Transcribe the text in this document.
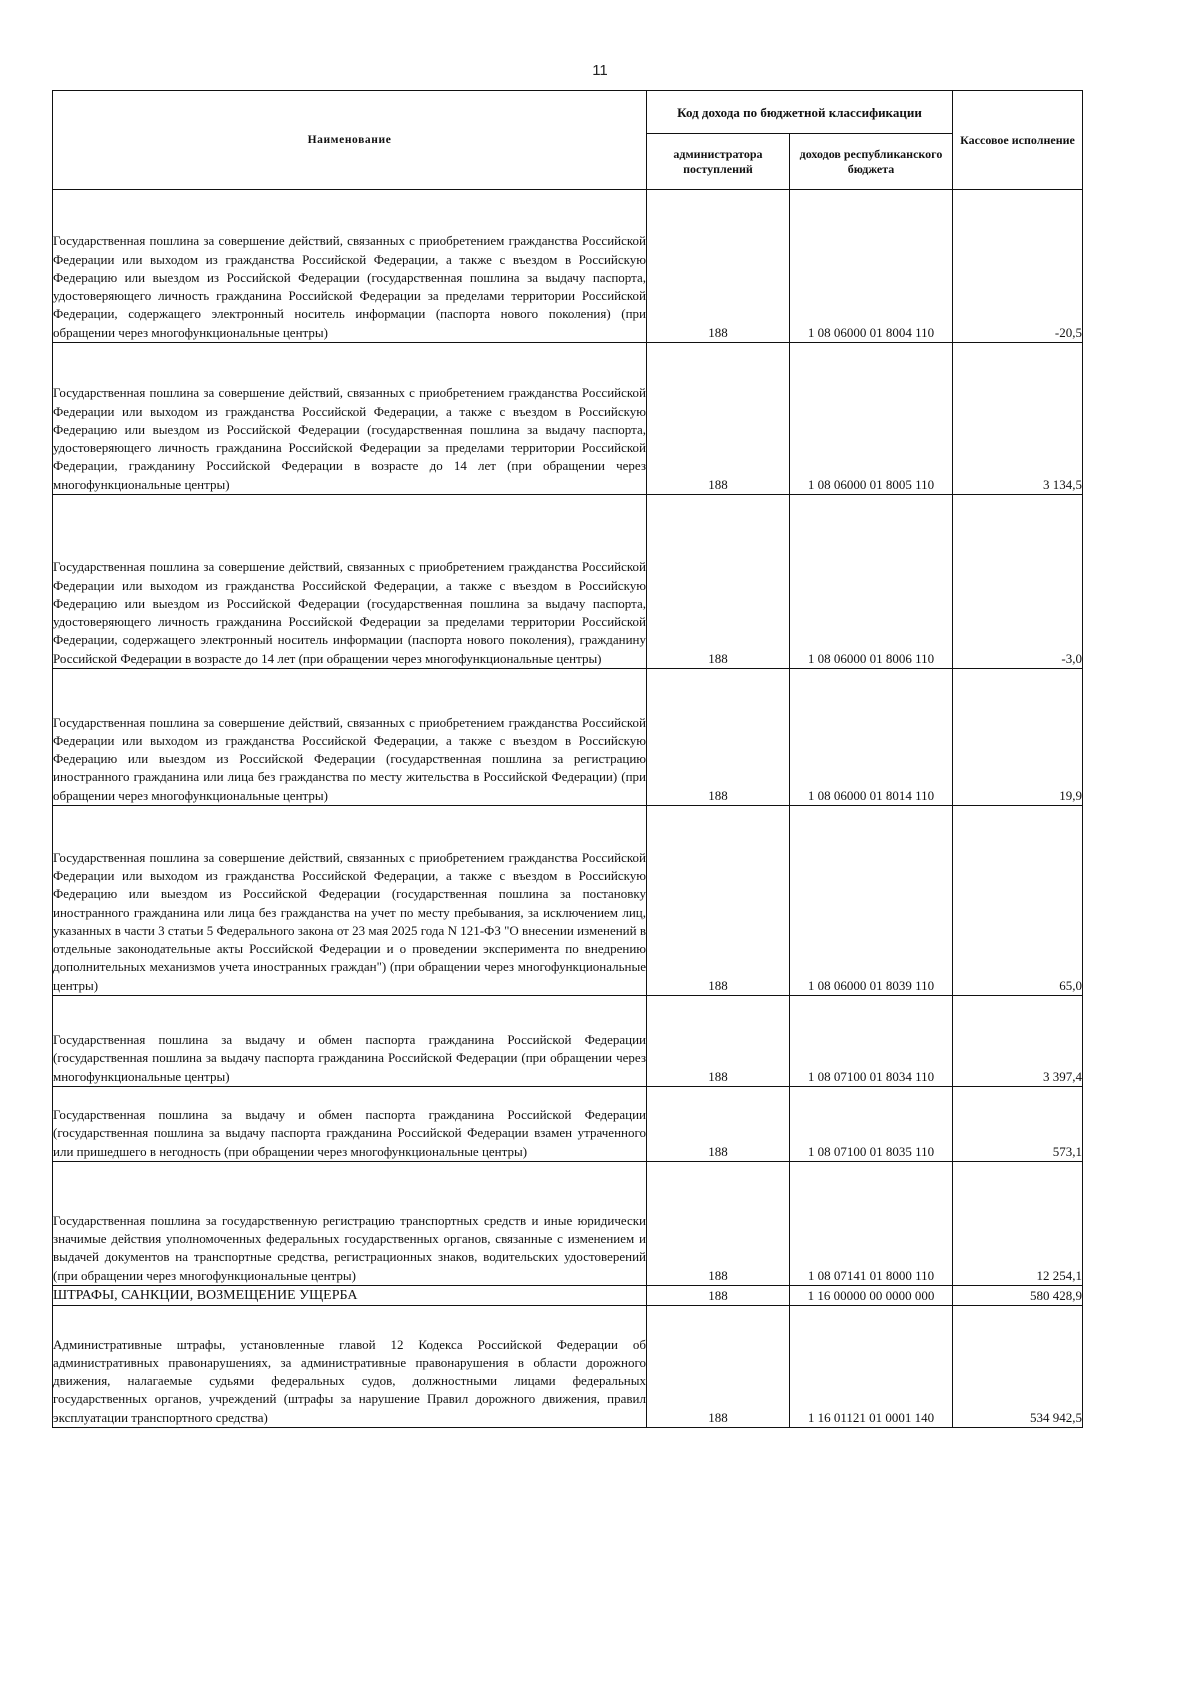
11
Наименование	Код дохода по бюджетной классификации		Кассовое исполнение
	администратора поступлений	доходов республиканского бюджета	
Государственная пошлина за совершение действий, связанных с приобретением гражданства Российской Федерации или выходом из гражданства Российской Федерации, а также с въездом в Российскую Федерацию или выездом из Российской Федерации (государственная пошлина за выдачу паспорта, удостоверяющего личность гражданина Российской Федерации за пределами территории Российской Федерации, содержащего электронный носитель информации (паспорта нового поколения) (при обращении через многофункциональные центры)	188	1 08 06000 01 8004 110	-20,5
Государственная пошлина за совершение действий, связанных с приобретением гражданства Российской Федерации или выходом из гражданства Российской Федерации, а также с въездом в Российскую Федерацию или выездом из Российской Федерации (государственная пошлина за выдачу паспорта, удостоверяющего личность гражданина Российской Федерации за пределами территории Российской Федерации, гражданину Российской Федерации в возрасте до 14 лет (при обращении через многофункциональные центры)	188	1 08 06000 01 8005 110	3 134,5
Государственная пошлина за совершение действий, связанных с приобретением гражданства Российской Федерации или выходом из гражданства Российской Федерации, а также с въездом в Российскую Федерацию или выездом из Российской Федерации (государственная пошлина за выдачу паспорта, удостоверяющего личность гражданина Российской Федерации за пределами территории Российской Федерации, содержащего электронный носитель информации (паспорта нового поколения), гражданину Российской Федерации в возрасте до 14 лет (при обращении через многофункциональные центры)	188	1 08 06000 01 8006 110	-3,0
Государственная пошлина за совершение действий, связанных с приобретением гражданства Российской Федерации или выходом из гражданства Российской Федерации, а также с въездом в Российскую Федерацию или выездом из Российской Федерации (государственная пошлина за регистрацию иностранного гражданина или лица без гражданства по месту жительства в Российской Федерации) (при обращении через многофункциональные центры)	188	1 08 06000 01 8014 110	19,9
Государственная пошлина за совершение действий, связанных с приобретением гражданства Российской Федерации или выходом из гражданства Российской Федерации, а также с въездом в Российскую Федерацию или выездом из Российской Федерации (государственная пошлина за постановку иностранного гражданина или лица без гражданства на учет по месту пребывания, за исключением лиц, указанных в части 3 статьи 5 Федерального закона от 23 мая 2025 года N 121-ФЗ "О внесении изменений в отдельные законодательные акты Российской Федерации и о проведении эксперимента по внедрению дополнительных механизмов учета иностранных граждан") (при обращении через многофункциональные центры)	188	1 08 06000 01 8039 110	65,0
Государственная пошлина за выдачу и обмен паспорта гражданина Российской Федерации (государственная пошлина за выдачу паспорта гражданина Российской Федерации (при обращении через многофункциональные центры)	188	1 08 07100 01 8034 110	3 397,4
Государственная пошлина за выдачу и обмен паспорта гражданина Российской Федерации (государственная пошлина за выдачу паспорта гражданина Российской Федерации взамен утраченного или пришедшего в негодность (при обращении через многофункциональные центры)	188	1 08 07100 01 8035 110	573,1
Государственная пошлина за государственную регистрацию транспортных средств и иные юридически значимые действия уполномоченных федеральных государственных органов, связанные с изменением и выдачей документов на транспортные средства, регистрационных знаков, водительских удостоверений (при обращении через многофункциональные центры)	188	1 08 07141 01 8000 110	12 254,1
ШТРАФЫ, САНКЦИИ, ВОЗМЕЩЕНИЕ УЩЕРБА	188	1 16 00000 00 0000 000	580 428,9
Административные штрафы, установленные главой 12 Кодекса Российской Федерации об административных правонарушениях, за административные правонарушения в области дорожного движения, налагаемые судьями федеральных судов, должностными лицами федеральных государственных органов, учреждений (штрафы за нарушение Правил дорожного движения, правил эксплуатации транспортного средства)	188	1 16 01121 01 0001 140	534 942,5
